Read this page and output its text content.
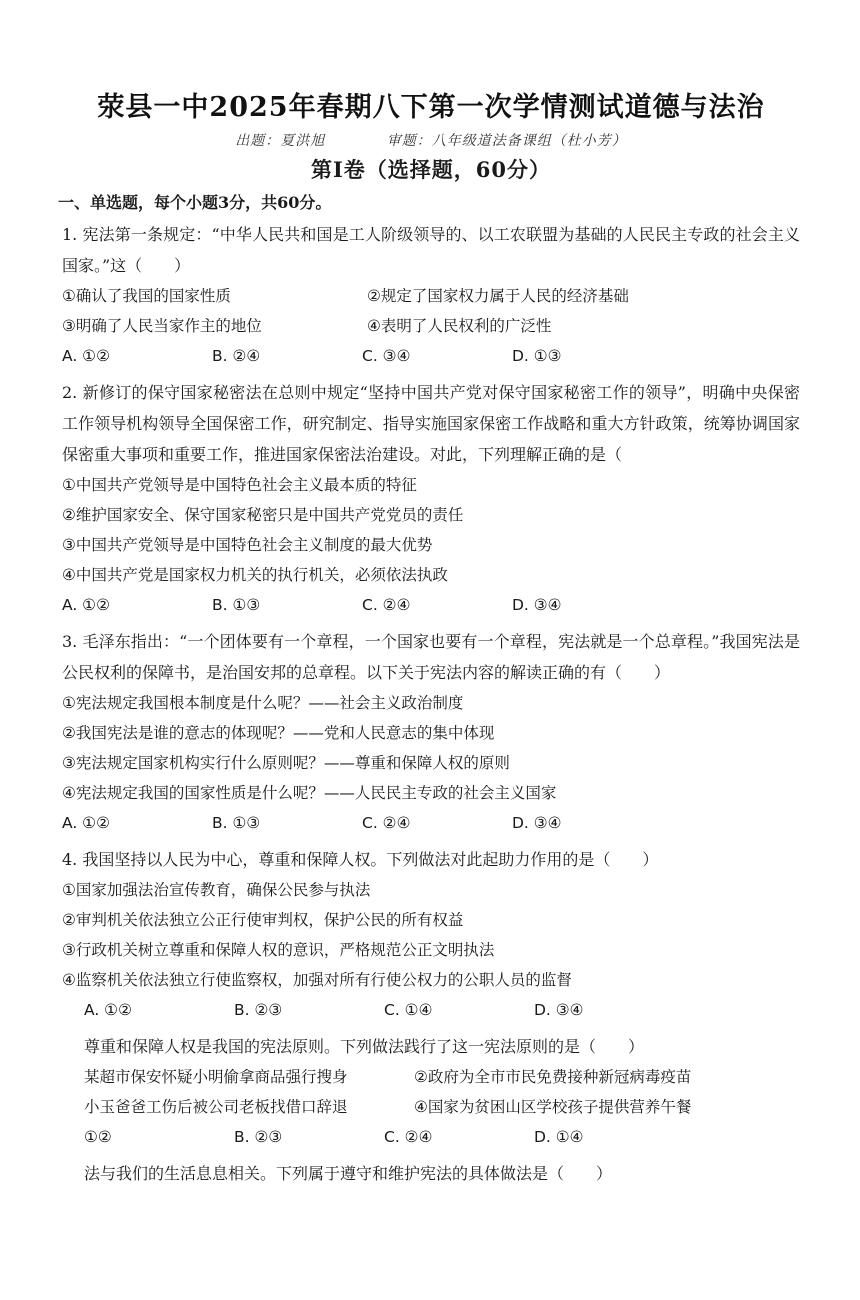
荥县一中2025年春期八下第一次学情测试道德与法治
出题：夏洪旭	审题：八年级道法备课组（杜小芳）
第Ⅰ卷（选择题，60分）
一、单选题，每个小题3分，共60分。
1. 宪法第一条规定：“中华人民共和国是工人阶级领导的、以工农联盟为基础的人民民主专政的社会主义国家。”这（　　）
①确认了我国的国家性质	②规定了国家权力属于人民的经济基础
③明确了人民当家作主的地位	④表明了人民权利的广泛性
A. ①②	B. ②④	C. ③④	D. ①③
2. 新修订的保守国家秘密法在总则中规定“坚持中国共产党对保守国家秘密工作的领导”，明确中央保密工作领导机构领导全国保密工作，研究制定、指导实施国家保密工作战略和重大方针政策，统筹协调国家保密重大事项和重要工作，推进国家保密法治建设。对此，下列理解正确的是（
①中国共产党领导是中国特色社会主义最本质的特征
②维护国家安全、保守国家秘密只是中国共产党党员的责任
③中国共产党领导是中国特色社会主义制度的最大优势
④中国共产党是国家权力机关的执行机关，必须依法执政
A. ①②	B. ①③	C. ②④	D. ③④
3. 毛泽东指出：“一个团体要有一个章程，一个国家也要有一个章程，宪法就是一个总章程。”我国宪法是公民权利的保障书，是治国安邦的总章程。以下关于宪法内容的解读正确的有（　　）
①宪法规定我国根本制度是什么呢？——社会主义政治制度
②我国宪法是谁的意志的体现呢？——党和人民意志的集中体现
③宪法规定国家机构实行什么原则呢？——尊重和保障人权的原则
④宪法规定我国的国家性质是什么呢？——人民民主专政的社会主义国家
A. ①②	B. ①③	C. ②④	D. ③④
4. 我国坚持以人民为中心，尊重和保障人权。下列做法对此起助力作用的是（　　）
①国家加强法治宣传教育，确保公民参与执法
②审判机关依法独立公正行使审判权，保护公民的所有权益
③行政机关树立尊重和保障人权的意识，严格规范公正文明执法
④监察机关依法独立行使监察权，加强对所有行使公权力的公职人员的监督
A. ①②	B. ②③	C. ①④	D. ③④
尊重和保障人权是我国的宪法原则。下列做法践行了这一宪法原则的是（　　）
某超市保安怀疑小明偷拿商品强行搜身	②政府为全市市民免费接种新冠病毒疫苗
小玉爸爸工伤后被公司老板找借口辞退	④国家为贫困山区学校孩子提供营养午餐
①②	B. ②③	C. ②④	D. ①④
法与我们的生活息息相关。下列属于遵守和维护宪法的具体做法是（　　）
